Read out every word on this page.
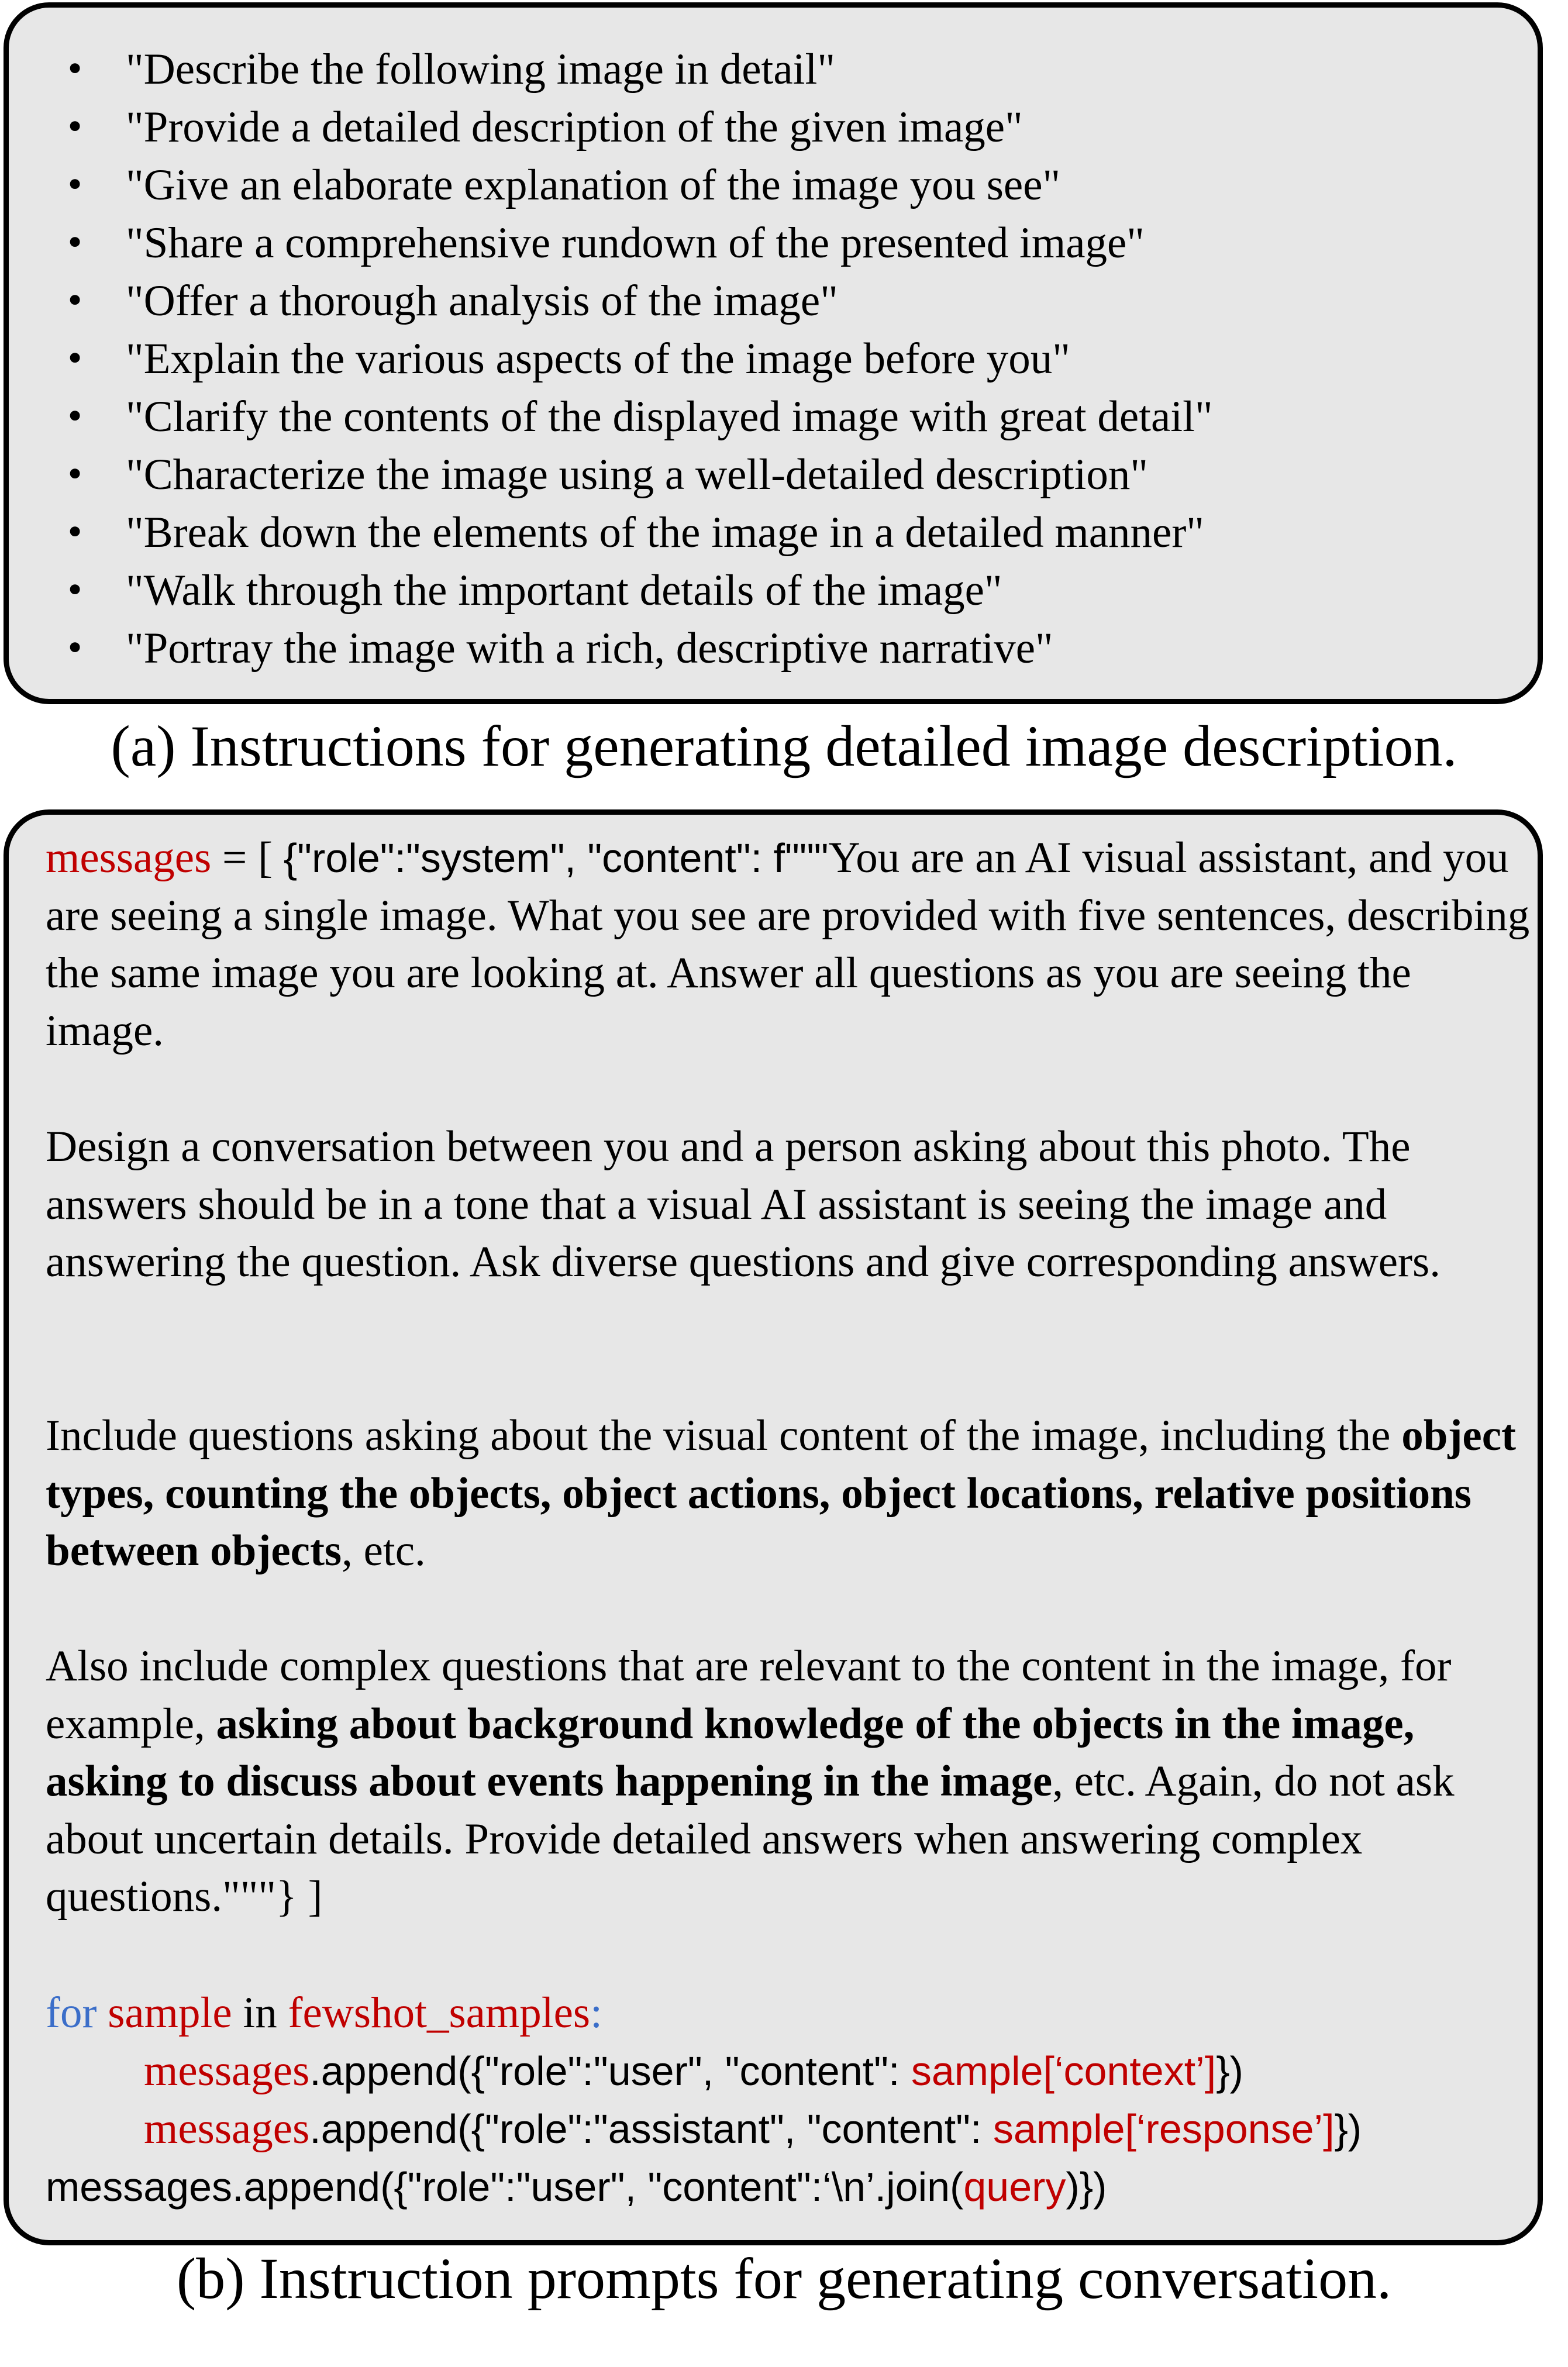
• "Describe the following image in detail"
• "Provide a detailed description of the given image"
• "Give an elaborate explanation of the image you see"
• "Share a comprehensive rundown of the presented image"
• "Offer a thorough analysis of the image"
• "Explain the various aspects of the image before you"
• "Clarify the contents of the displayed image with great detail"
• "Characterize the image using a well-detailed description"
• "Break down the elements of the image in a detailed manner"
• "Walk through the important details of the image"
• "Portray the image with a rich, descriptive narrative"
(a) Instructions for generating detailed image description.
messages = [ {"role":"system", "content": f"""You are an AI visual assistant, and you are seeing a single image. What you see are provided with five sentences, describing the same image you are looking at. Answer all questions as you are seeing the image.
Design a conversation between you and a person asking about this photo. The answers should be in a tone that a visual AI assistant is seeing the image and answering the question. Ask diverse questions and give corresponding answers.
Include questions asking about the visual content of the image, including the object types, counting the objects, object actions, object locations, relative positions between objects, etc.
Also include complex questions that are relevant to the content in the image, for example, asking about background knowledge of the objects in the image, asking to discuss about events happening in the image, etc. Again, do not ask about uncertain details. Provide detailed answers when answering complex questions."""} ]
for sample in fewshot_samples:
messages.append({"role":"user", "content": sample[‘context’]})
messages.append({"role":"assistant", "content": sample[‘response’]})
messages.append({"role":"user", "content":‘\n’.join(query)})
(b) Instruction prompts for generating conversation.
